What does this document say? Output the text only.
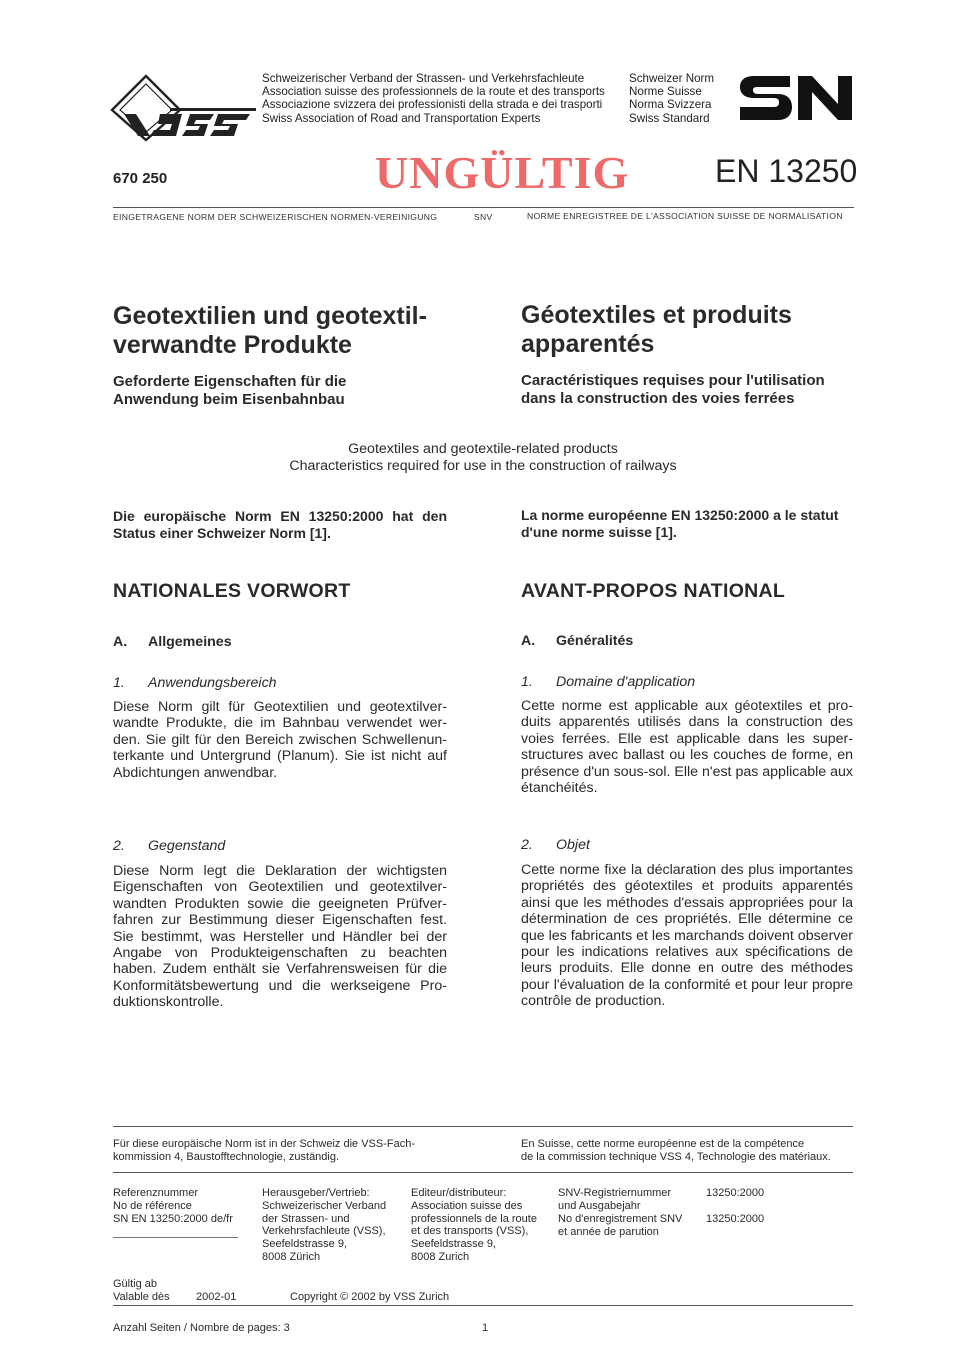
Schweizerischer Verband der Strassen- und Verkehrsfachleute
Association suisse des professionnels de la route et des transports
Associazione svizzera dei professionisti della strada e dei trasporti
Swiss Association of Road and Transportation Experts
Schweizer Norm
Norme Suisse
Norma Svizzera
Swiss Standard
670 250	UNGÜLTIG	EN 13250
EINGETRAGENE NORM DER SCHWEIZERISCHEN NORMEN-VEREINIGUNG	SNV	NORME ENREGISTREE DE L'ASSOCIATION SUISSE DE NORMALISATION
Geotextilien und geotextil-
verwandte Produkte
Géotextiles et produits
apparentés
Geforderte Eigenschaften für die
Anwendung beim Eisenbahnbau
Caractéristiques requises pour l'utilisation
dans la construction des voies ferrées
Geotextiles and geotextile-related products
Characteristics required for use in the construction of railways
Die europäische Norm EN 13250:2000 hat den Status einer Schweizer Norm [1].
La norme européenne EN 13250:2000 a le statut d'une norme suisse [1].
NATIONALES VORWORT	AVANT-PROPOS NATIONAL
A. Allgemeines	A. Généralités
1. Anwendungsbereich	1. Domaine d'application
Diese Norm gilt für Geotextilien und geotextilverwandte Produkte, die im Bahnbau verwendet werden. Sie gilt für den Bereich zwischen Schwellenunterkante und Untergrund (Planum). Sie ist nicht auf Abdichtungen anwendbar.
Cette norme est applicable aux géotextiles et produits apparentés utilisés dans la construction des voies ferrées. Elle est applicable dans les superstructures avec ballast ou les couches de forme, en présence d'un sous-sol. Elle n'est pas applicable aux étanchéités.
2. Gegenstand	2. Objet
Diese Norm legt die Deklaration der wichtigsten Eigenschaften von Geotextilien und geotextilverwandten Produkten sowie die geeigneten Prüfverfahren zur Bestimmung dieser Eigenschaften fest. Sie bestimmt, was Hersteller und Händler bei der Angabe von Produkteigenschaften zu beachten haben. Zudem enthält sie Verfahrensweisen für die Konformitätsbewertung und die werkseigene Produktionskontrolle.
Cette norme fixe la déclaration des plus importantes propriétés des géotextiles et produits apparentés ainsi que les méthodes d'essais appropriées pour la détermination de ces propriétés. Elle détermine ce que les fabricants et les marchands doivent observer pour les indications relatives aux spécifications de leurs produits. Elle donne en outre des méthodes pour l'évaluation de la conformité et pour leur propre contrôle de production.
Für diese europäische Norm ist in der Schweiz die VSS-Fach-
kommission 4, Baustofftechnologie, zuständig.
En Suisse, cette norme européenne est de la compétence
de la commission technique VSS 4, Technologie des matériaux.
Referenznummer
No de référence
SN EN 13250:2000 de/fr
Herausgeber/Vertrieb:
Schweizerischer Verband
der Strassen- und
Verkehrsfachleute (VSS),
Seefeldstrasse 9,
8008 Zürich
Editeur/distributeur:
Association suisse des
professionnels de la route
et des transports (VSS),
Seefeldstrasse 9,
8008 Zurich
SNV-Registriernummer
und Ausgabejahr
No d'enregistrement SNV
et année de parution
13250:2000
13250:2000
Gültig ab
Valable dès 2002-01	Copyright © 2002 by VSS Zurich
Anzahl Seiten / Nombre de pages: 3	1
